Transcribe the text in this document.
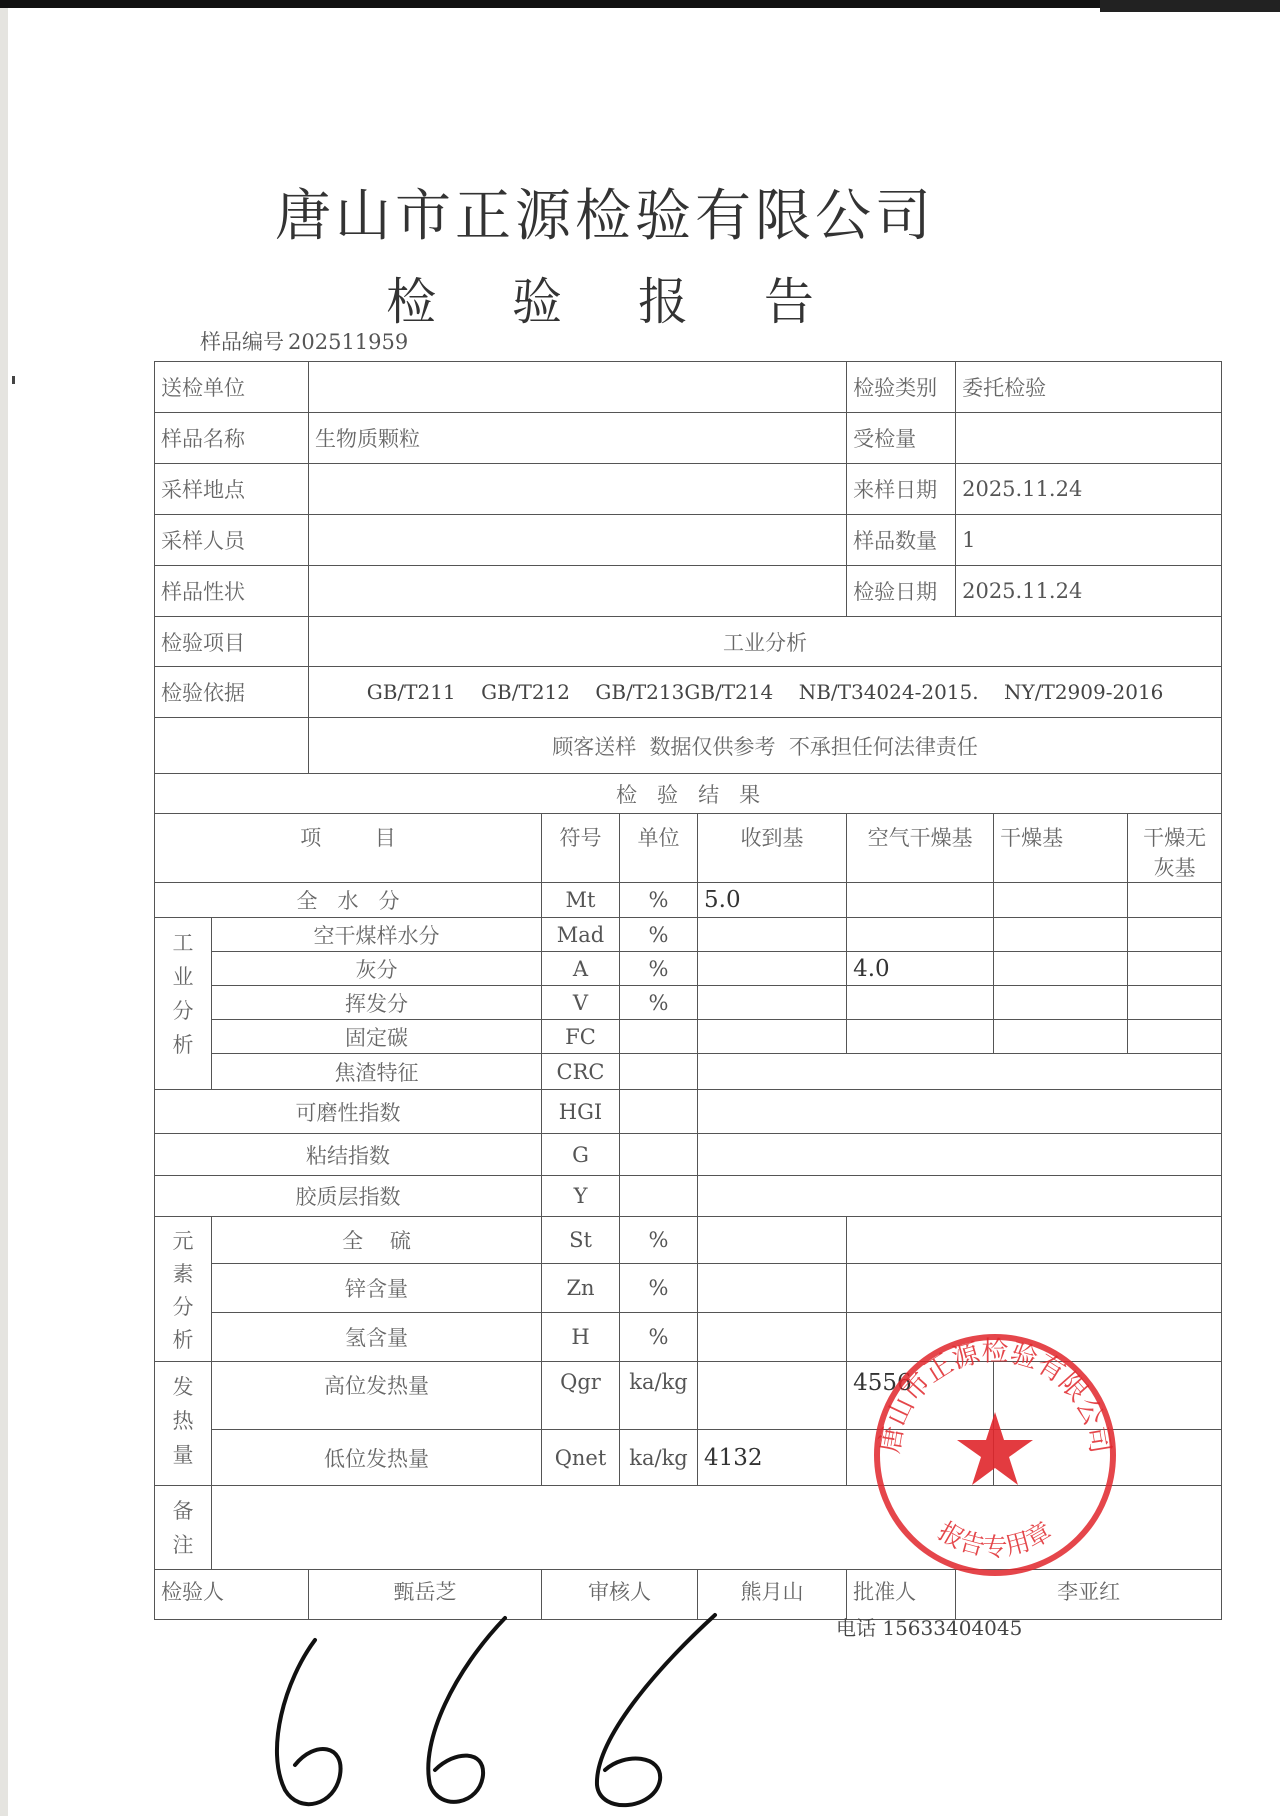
唐山市正源检验有限公司
检 验 报 告
样品编号 202511959
送检单位						检验类别	委托检验		
样品名称		生物质颗粒				受检量			
采样地点						来样日期	2025.11.24		
采样人员						样品数量	1		
样品性状						检验日期	2025.11.24		
检验项目		工业分析							
检验依据		GB/T211    GB/T212    GB/T213GB/T214    NB/T34024-2015.    NY/T2909-2016							
		顾客送样  数据仅供参考  不承担任何法律责任							
检   验   结   果									
项        目			符号	单位	收到基	空气干燥基		干燥基	干燥无灰基
全   水   分			Mt	%	5.0				
工业分析	空干煤样水分		Mad	%					
	灰分		A	%		4.0			
	挥发分		V	%					
	固定碳		FC						
	焦渣特征		CRC						

可磨性指数			HGI						
粘结指数			G						
胶质层指数			Y						
元素分析	全    硫		St	%					
	锌含量		Zn	%					
	氢含量		H	%					
发热量	高位发热量		Qgr	ka/kg		4556			
	低位发热量		Qnet	ka/kg	4132				
备注									
检验人		甄岳芝	审核人		熊月山	批准人	李亚红		
电话 15633404045
唐山市正源检验有限公司
报告专用章
